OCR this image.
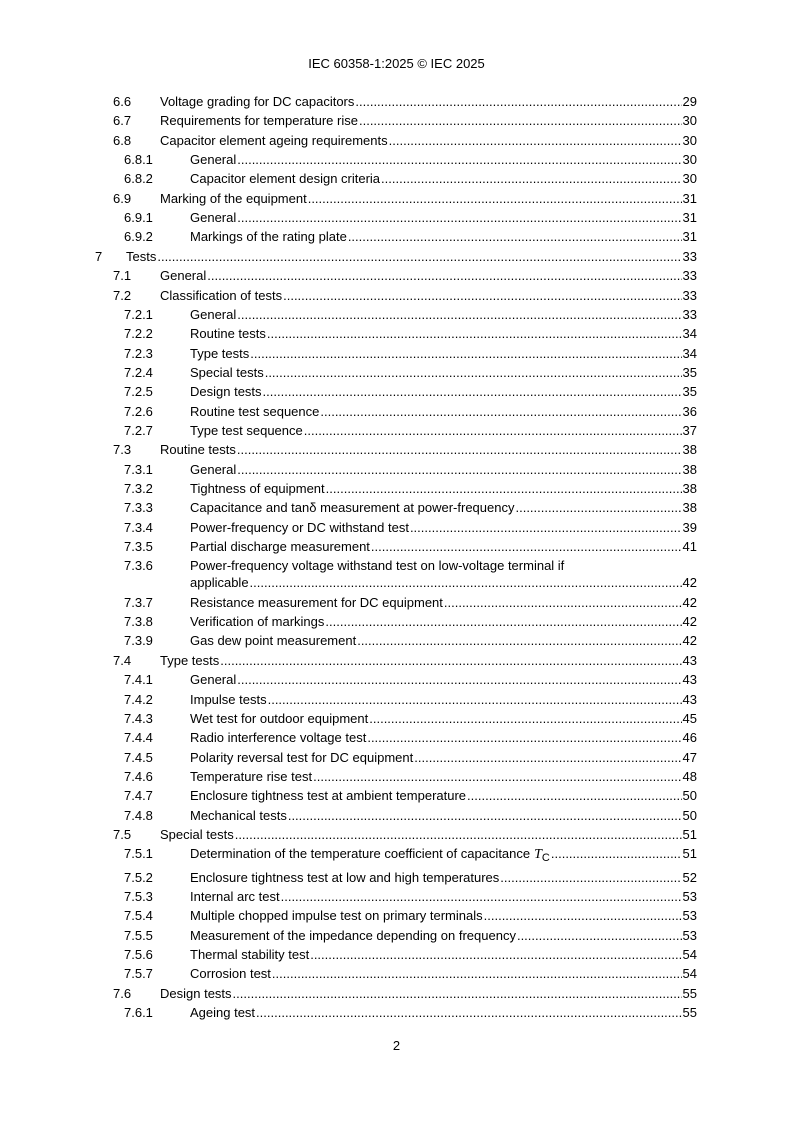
IEC 60358-1:2025 © IEC 2025
6.6 Voltage grading for DC capacitors .....	29
6.7 Requirements for temperature rise .....	30
6.8 Capacitor element ageing requirements .....	30
6.8.1	General .....	30
6.8.2	Capacitor element design criteria .....	30
6.9 Marking of the equipment .....	31
6.9.1	General .....	31
6.9.2	Markings of the rating plate .....	31
7 Tests .....	33
7.1 General .....	33
7.2 Classification of tests .....	33
7.2.1	General .....	33
7.2.2	Routine tests .....	34
7.2.3	Type tests .....	34
7.2.4	Special tests .....	35
7.2.5	Design tests .....	35
7.2.6	Routine test sequence .....	36
7.2.7	Type test sequence .....	37
7.3 Routine tests .....	38
7.3.1	General .....	38
7.3.2	Tightness of equipment .....	38
7.3.3	Capacitance and tanδ measurement at power-frequency .....	38
7.3.4	Power-frequency or DC withstand test .....	39
7.3.5	Partial discharge measurement .....	41
7.3.6	Power-frequency voltage withstand test on low-voltage terminal if
applicable .....	42
7.3.7	Resistance measurement for DC equipment .....	42
7.3.8	Verification of markings .....	42
7.3.9	Gas dew point measurement .....	42
7.4 Type tests .....	43
7.4.1	General .....	43
7.4.2	Impulse tests .....	43
7.4.3	Wet test for outdoor equipment .....	45
7.4.4	Radio interference voltage test .....	46
7.4.5	Polarity reversal test for DC equipment .....	47
7.4.6	Temperature rise test .....	48
7.4.7	Enclosure tightness test at ambient temperature .....	50
7.4.8	Mechanical tests .....	50
7.5 Special tests .....	51
7.5.1	Determination of the temperature coefficient of capacitance $T_C$ .....	51
7.5.2	Enclosure tightness test at low and high temperatures .....	52
7.5.3	Internal arc test .....	53
7.5.4	Multiple chopped impulse test on primary terminals .....	53
7.5.5	Measurement of the impedance depending on frequency .....	53
7.5.6	Thermal stability test .....	54
7.5.7	Corrosion test .....	54
7.6 Design tests .....	55
7.6.1	Ageing test .....	55
2
